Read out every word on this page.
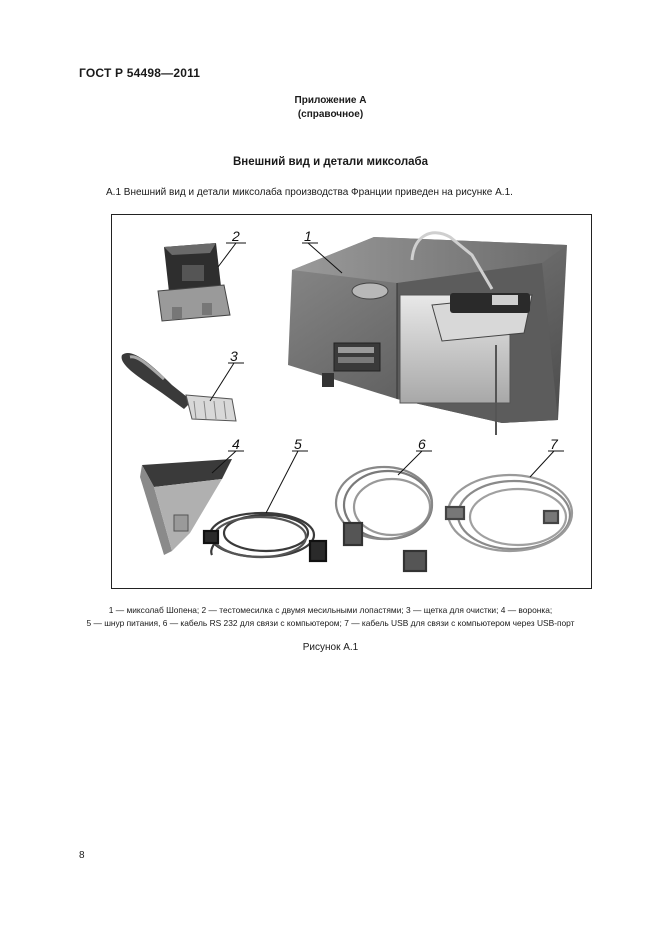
ГОСТ Р 54498—2011
Приложение А
(справочное)
Внешний вид и детали миксолаба
А.1 Внешний вид и детали миксолаба производства Франции приведен на рисунке А.1.
1
2
3
4	5	6	7
1 — миксолаб Шопена; 2 — тестомесилка с двумя месильными лопастями; 3 — щетка для очистки; 4 — воронка;
5 — шнур питания, 6 — кабель RS 232 для связи с компьютером; 7 — кабель USB для связи с компьютером через USB-порт
Рисунок А.1
8
